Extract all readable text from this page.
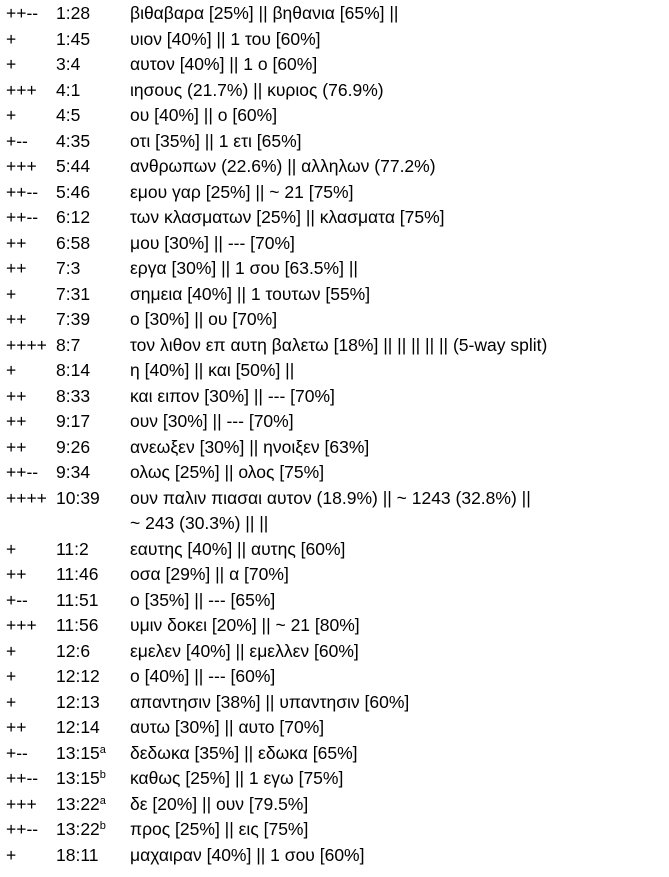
++--	1:28	βιθαβαρα [25%] || βηθανια [65%] ||
+	1:45	υιον [40%] || 1 του [60%]
+	3:4	αυτον [40%] || 1 ο [60%]
+++	4:1	ιησους (21.7%) || κυριος (76.9%)
+	4:5	ου [40%] || ο [60%]
+--	4:35	οτι [35%] || 1 ετι [65%]
+++	5:44	ανθρωπων (22.6%) || αλληλων (77.2%)
++--	5:46	εμου γαρ [25%] || ~ 21 [75%]
++--	6:12	των κλασματων [25%] || κλασματα [75%]
++	6:58	μου [30%] || --- [70%]
++	7:3	εργα [30%] || 1 σου [63.5%] ||
+	7:31	σημεια [40%] || 1 τουτων [55%]
++	7:39	ο [30%] || ου [70%]
++++ 8:7	τον λιθον επ αυτη βαλετω [18%] || || || || || (5-way split)
+	8:14	η [40%] || και [50%] ||
++	8:33	και ειπον [30%] || --- [70%]
++	9:17	ουν [30%] || --- [70%]
++	9:26	ανεωξεν [30%] || ηνοιξεν [63%]
++--	9:34	ολως [25%] || ολος [75%]
++++ 10:39	ουν παλιν πιασαι αυτον (18.9%) || ~ 1243 (32.8%) ||
~ 243 (30.3%) || ||
+	11:2	εαυτης [40%] || αυτης [60%]
++	11:46	οσα [29%] || α [70%]
+--	11:51	ο [35%] || --- [65%]
+++	11:56	υμιν δοκει [20%] || ~ 21 [80%]
+	12:6	εμελεν [40%] || εμελλεν [60%]
+	12:12	ο [40%] || --- [60%]
+	12:13	απαντησιν [38%] || υπαντησιν [60%]
++	12:14	αυτω [30%] || αυτο [70%]
+--	13:15$^a$	δεδωκα [35%] || εδωκα [65%]
++--	13:15$^b$	καθως [25%] || 1 εγω [75%]
+++	$13:22^a$	δε [20%] || ουν [79.5%]
++--	13:22$^b$	προς [25%] || εις [75%]
+	18:11	μαχαιραν [40%] || 1 σου [60%]
